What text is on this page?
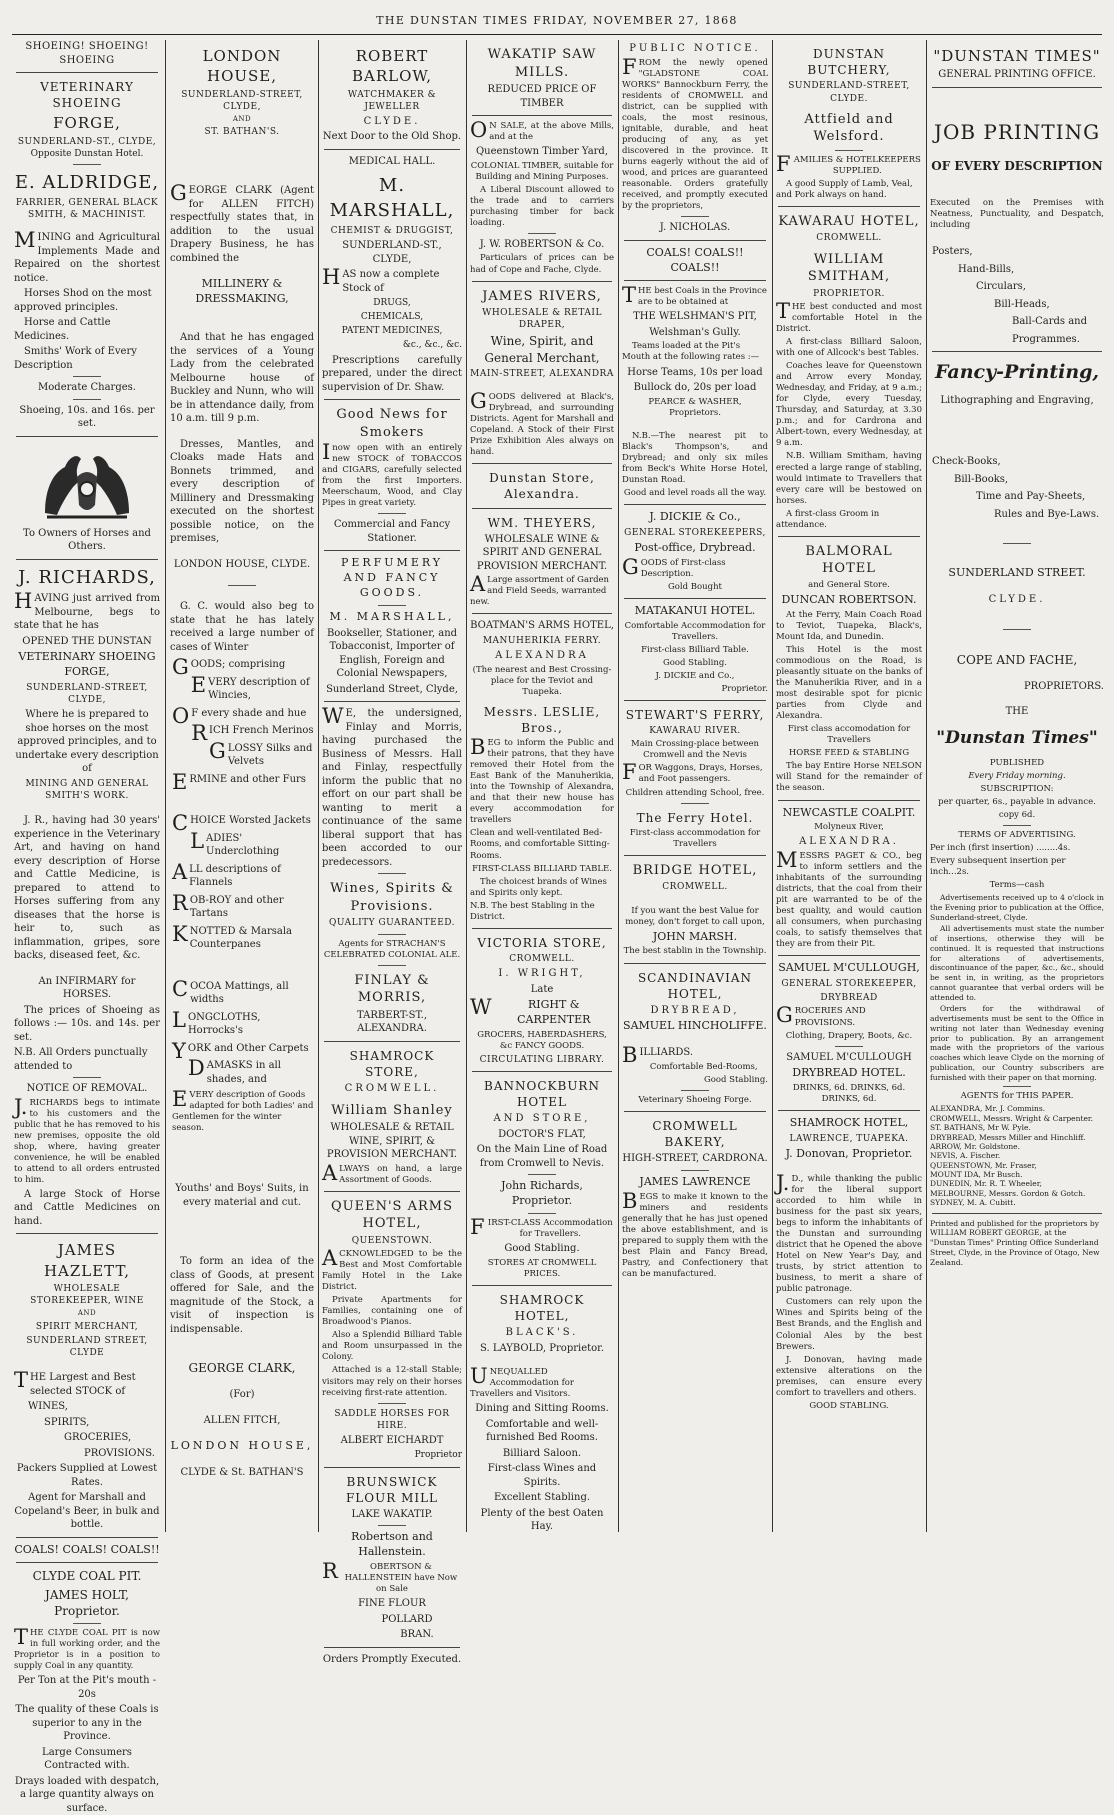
THE DUNSTAN TIMES FRIDAY, NOVEMBER 27, 1868
SHOEING! SHOEING! SHOEING
VETERINARY SHOEING
FORGE,
SUNDERLAND-ST., CLYDE,
Opposite Dunstan Hotel.
E. ALDRIDGE,
FARRIER, GENERAL BLACK SMITH, & MACHINIST.

MINING and Agricultural Implements Made and Repaired on the shortest notice.

Horses Shod on the most approved principles.

Horse and Cattle Medicines.

Smiths' Work of Every Description

Moderate Charges.

Shoeing, 10s. and 16s. per set.

To Owners of Horses and Others.

J. RICHARDS,

HAVING just arrived from Melbourne, begs to state that he has

OPENED THE DUNSTAN

VETERINARY SHOEING FORGE,

SUNDERLAND-STREET, CLYDE,

Where he is prepared to shoe horses on the most approved principles, and to undertake every description of

MINING AND GENERAL SMITH'S WORK.

J. R., having had 30 years' experience in the Veterinary Art, and having on hand every description of Horse and Cattle Medicine, is prepared to attend to Horses suffering from any diseases that the horse is heir to, such as inflammation, gripes, sore backs, diseased feet, &c.

An INFIRMARY for HORSES.

The prices of Shoeing as follows :— 10s. and 14s. per set.

N.B. All Orders punctually attended to

NOTICE OF REMOVAL.

J.RICHARDS begs to intimate to his customers and the public that he has removed to his new premises, opposite the old shop, where, having greater convenience, he will be enabled to attend to all orders entrusted to him.

A large Stock of Horse and Cattle Medicines on hand.

JAMES HAZLETT,

WHOLESALE STOREKEEPER, WINE

AND

SPIRIT MERCHANT,

SUNDERLAND STREET, CLYDE

THE Largest and Best selected STOCK of

WINES,

SPIRITS,

GROCERIES,

PROVISIONS.

Packers Supplied at Lowest Rates.

Agent for Marshall and Copeland's Beer, in bulk and bottle.

COALS! COALS! COALS!!

CLYDE COAL PIT.

JAMES HOLT, Proprietor.

THE CLYDE COAL PIT is now in full working order, and the Proprietor is in a position to supply Coal in any quantity.

Per Ton at the Pit's mouth - 20s

The quality of these Coals is superior to any in the Province.

Large Consumers Contracted with.

Drays loaded with despatch, a large quantity always on surface.

LONDON HOUSE,

SUNDERLAND-STREET, CLYDE,

AND

ST. BATHAN'S.

GEORGE CLARK (Agent for ALLEN FITCH) respectfully states that, in addition to the usual Drapery Business, he has combined the

MILLINERY & DRESSMAKING,

And that he has engaged the services of a Young Lady from the celebrated Melbourne house of Buckley and Nunn, who will be in attendance daily, from 10 a.m. till 9 p.m.

Dresses, Mantles, and Cloaks made Hats and Bonnets trimmed, and every description of Millinery and Dressmaking executed on the shortest possible notice, on the premises,

LONDON HOUSE, CLYDE.

G. C. would also beg to state that he has lately received a large number of cases of Winter

GOODS; comprising
EVERY description of Wincies,
OF every shade and hue
RICH French Merinos
GLOSSY Silks and Velvets
ERMINE and other Furs
CHOICE Worsted Jackets
LADIES' Underclothing
ALL descriptions of Flannels
ROB-ROY and other Tartans
KNOTTED & Marsala Counterpanes
COCOA Mattings, all widths
LONGCLOTHS, Horrocks's
YORK and Other Carpets
DAMASKS in all shades, and
EVERY description of Goods adapted for both Ladies' and Gentlemen for the winter season.

Youths' and Boys' Suits, in every material and cut.

To form an idea of the class of Goods, at present offered for Sale, and the magnitude of the Stock, a visit of inspection is indispensable.

GEORGE CLARK,

(For)

ALLEN FITCH,

LONDON HOUSE,

CLYDE & St. BATHAN'S

ROBERT BARLOW,
WATCHMAKER & JEWELLER

CLYDE.

Next Door to the Old Shop.

MEDICAL HALL.

M. MARSHALL,

CHEMIST & DRUGGIST,

SUNDERLAND-ST., CLYDE,

HAS now a complete Stock of

DRUGS,

CHEMICALS,

PATENT MEDICINES,

&c., &c., &c.

Prescriptions carefully prepared, under the direct supervision of Dr. Shaw.

Good News for Smokers

Inow open with an entirely new STOCK of TOBACCOS and CIGARS, carefully selected from the first Importers. Meerschaum, Wood, and Clay Pipes in great variety.

Commercial and Fancy Stationer.

PERFUMERY AND FANCY GOODS.

M. MARSHALL,

Bookseller, Stationer, and Tobacconist, Importer of English, Foreign and Colonial Newspapers,

Sunderland Street, Clyde,

WE, the undersigned, Finlay and Morris, having purchased the Business of Messrs. Hall and Finlay, respectfully inform the public that no effort on our part shall be wanting to merit a continuance of the same liberal support that has been accorded to our predecessors.

Wines, Spirits & Provisions.

QUALITY GUARANTEED.

Agents for STRACHAN'S CELEBRATED COLONIAL ALE.

FINLAY & MORRIS,

TARBERT-ST., ALEXANDRA.

SHAMROCK STORE,

CROMWELL.

William Shanley

WHOLESALE & RETAIL WINE, SPIRIT, & PROVISION MERCHANT.

ALWAYS on hand, a large Assortment of Goods.

QUEEN'S ARMS HOTEL,

QUEENSTOWN.

ACKNOWLEDGED to be the Best and Most Comfortable Family Hotel in the Lake District.

Private Apartments for Families, containing one of Broadwood's Pianos.

Also a Splendid Billiard Table and Room unsurpassed in the Colony.

Attached is a 12-stall Stable; visitors may rely on their horses receiving first-rate attention.

SADDLE HORSES FOR HIRE.

ALBERT EICHARDT

Proprietor

BRUNSWICK FLOUR MILL

LAKE WAKATIP.

Robertson and Hallenstein.

ROBERTSON & HALLENSTEIN have Now on Sale

FINE FLOUR

POLLARD

BRAN.

Orders Promptly Executed.

WAKATIP SAW MILLS.

REDUCED PRICE OF TIMBER

ON SALE, at the above Mills, and at the

Queenstown Timber Yard,

COLONIAL TIMBER, suitable for Building and Mining Purposes.

A Liberal Discount allowed to the trade and to carriers purchasing timber for back loading.

J. W. ROBERTSON & Co.

Particulars of prices can be had of Cope and Fache, Clyde.

JAMES RIVERS,

WHOLESALE & RETAIL DRAPER,

Wine, Spirit, and General Merchant,

MAIN-STREET, ALEXANDRA

GOODS delivered at Black's, Drybread, and surrounding Districts. Agent for Marshall and Copeland. A Stock of their First Prize Exhibition Ales always on hand.

Dunstan Store, Alexandra.
WM. THEYERS,

WHOLESALE WINE & SPIRIT AND GENERAL PROVISION MERCHANT.

ALarge assortment of Garden and Field Seeds, warranted new.

BOATMAN'S ARMS HOTEL,

MANUHERIKIA FERRY.

ALEXANDRA

(The nearest and Best Crossing-place for the Teviot and Tuapeka.

Messrs. LESLIE, Bros.,

BEG to inform the Public and their patrons, that they have removed their Hotel from the East Bank of the Manuherikia, into the Township of Alexandra, and that their new house has every accommodation for travellers

Clean and well-ventilated Bed-Rooms, and comfortable Sitting-Rooms.

FIRST-CLASS BILLIARD TABLE.

The choicest brands of Wines and Spirits only kept.

N.B. The best Stabling in the District.

VICTORIA STORE,

CROMWELL.

I. WRIGHT,

Late

WRIGHT & CARPENTER

GROCERS, HABERDASHERS, &c FANCY GOODS.

CIRCULATING LIBRARY.

BANNOCKBURN HOTEL

AND STORE,

DOCTOR'S FLAT,

On the Main Line of Road from Cromwell to Nevis.

John Richards, Proprietor.

FIRST-CLASS Accommodation for Travellers.

Good Stabling.

STORES AT CROMWELL PRICES.

SHAMROCK HOTEL,

BLACK'S.

S. LAYBOLD, Proprietor.

UNEQUALLED Accommodation for Travellers and Visitors.

Dining and Sitting Rooms.

Comfortable and well-furnished Bed Rooms.

Billiard Saloon.

First-class Wines and Spirits.

Excellent Stabling.

Plenty of the best Oaten Hay.

PUBLIC NOTICE.

FROM the newly opened "GLADSTONE COAL WORKS" Bannockburn Ferry, the residents of CROMWELL and district, can be supplied with coals, the most resinous, ignitable, durable, and heat producing of any, as yet discovered in the province. It burns eagerly without the aid of wood, and prices are guaranteed reasonable. Orders gratefully received, and promptly executed by the proprietors,

J. NICHOLAS.

COALS! COALS!! COALS!!

THE best Coals in the Province are to be obtained at

THE WELSHMAN'S PIT,

Welshman's Gully.

Teams loaded at the Pit's Mouth at the following rates :—

Horse Teams, 10s per load

Bullock do, 20s per load

PEARCE & WASHER, Proprietors.

N.B.—The nearest pit to Black's Thompson's, and Drybread; and only six miles from Beck's White Horse Hotel, Dunstan Road.

Good and level roads all the way.

J. DICKIE & Co.,

GENERAL STOREKEEPERS,

Post-office, Drybread.

GOODS of First-class Description.

Gold Bought

MATAKANUI HOTEL.

Comfortable Accommodation for Travellers.

First-class Billiard Table.

Good Stabling.

J. DICKIE and Co.,

Proprietor.

STEWART'S FERRY,

KAWARAU RIVER.

Main Crossing-place between Cromwell and the Nevis

FOR Waggons, Drays, Horses, and Foot passengers.

Children attending School, free.

The Ferry Hotel.

First-class accommodation for Travellers

BRIDGE HOTEL,

CROMWELL.

If you want the best Value for money, don't forget to call upon,

JOHN MARSH.

The best stablin in the Township.

SCANDINAVIAN HOTEL,

DRYBREAD,

SAMUEL HINCHOLIFFE.

BILLIARDS.

Comfortable Bed-Rooms,

Good Stabling.

Veterinary Shoeing Forge.

CROMWELL BAKERY,

HIGH-STREET, CARDRONA.

JAMES LAWRENCE

BEGS to make it known to the miners and residents generally that he has just opened the above establishment, and is prepared to supply them with the best Plain and Fancy Bread, Pastry, and Confectionery that can be manufactured.

DUNSTAN BUTCHERY,

SUNDERLAND-STREET, CLYDE.

Attfield and Welsford.

FAMILIES & HOTELKEEPERS SUPPLIED.

A good Supply of Lamb, Veal, and Pork always on hand.

KAWARAU HOTEL,

CROMWELL.

WILLIAM SMITHAM,

PROPRIETOR.

THE best conducted and most comfortable Hotel in the District.

A first-class Billiard Saloon, with one of Allcock's best Tables.

Coaches leave for Queenstown and Arrow every Monday, Wednesday, and Friday, at 9 a.m.; for Clyde, every Tuesday, Thursday, and Saturday, at 3.30 p.m.; and for Cardrona and Albert-town, every Wednesday, at 9 a.m.

N.B. William Smitham, having erected a large range of stabling, would intimate to Travellers that every care will be bestowed on horses.

A first-class Groom in attendance.

BALMORAL HOTEL

and General Store.

DUNCAN ROBERTSON.

At the Ferry, Main Coach Road to Teviot, Tuapeka, Black's, Mount Ida, and Dunedin.

This Hotel is the most commodious on the Road, is pleasantly situate on the banks of the Manuherikia River, and in a most desirable spot for picnic parties from Clyde and Alexandra.

First class accomodation for Travellers

HORSE FEED & STABLING

The bay Entire Horse NELSON will Stand for the remainder of the season.

NEWCASTLE COALPIT.

Molyneux River,

ALEXANDRA.

MESSRS PAGET & CO., beg to inform settlers and the inhabitants of the surrounding districts, that the coal from their pit are warranted to be of the best quality, and would caution all consumers, when purchasing coals, to satisfy themselves that they are from their Pit.

SAMUEL M'CULLOUGH,

GENERAL STOREKEEPER,

DRYBREAD

GROCERIES AND PROVISIONS.

Clothing, Drapery, Boots, &c.

SAMUEL M'CULLOUGH

DRYBREAD HOTEL.

DRINKS, 6d. DRINKS, 6d. DRINKS, 6d.

SHAMROCK HOTEL,

LAWRENCE, TUAPEKA.

J. Donovan, Proprietor.

J.D., while thanking the public for the liberal support accorded to him while in business for the past six years, begs to inform the inhabitants of the Dunstan and surrounding district that he Opened the above Hotel on New Year's Day, and trusts, by strict attention to business, to merit a share of public patronage.

Customers can rely upon the Wines and Spirits being of the Best Brands, and the English and Colonial Ales by the best Brewers.

J. Donovan, having made extensive alterations on the premises, can ensure every comfort to travellers and others.

GOOD STABLING.

"DUNSTAN TIMES"

GENERAL PRINTING OFFICE.

JOB PRINTING

OF EVERY DESCRIPTION

Executed on the Premises with Neatness, Punctuality, and Despatch, including

Posters,
Hand-Bills,
Circulars,
Bill-Heads,
Ball-Cards and
Programmes.
Fancy-Printing,

Lithographing and Engraving,

Check-Books,
Bill-Books,
Time and Pay-Sheets,
Rules and Bye-Laws.

SUNDERLAND STREET.

CLYDE.

COPE AND FACHE,

PROPRIETORS.

THE

"Dunstan Times"

PUBLISHED

Every Friday morning.

SUBSCRIPTION:

per quarter, 6s., payable in advance.

copy 6d.

TERMS OF ADVERTISING.

Per inch (first insertion) ........4s.

Every subsequent insertion per inch...2s.

Terms—cash

Advertisements received up to 4 o'clock in the Evening prior to publication at the Office, Sunderland-street, Clyde.

All advertisements must state the number of insertions, otherwise they will be continued. It is requested that instructions for alterations of advertisements, discontinuance of the paper, &c., &c., should be sent in, in writing, as the proprietors cannot guarantee that verbal orders will be attended to.

Orders for the withdrawal of advertisements must be sent to the Office in writing not later than Wednesday evening prior to publication. By an arrangement made with the proprietors of the various coaches which leave Clyde on the morning of publication, our Country subscribers are furnished with their paper on that morning.

AGENTS for THIS PAPER.

ALEXANDRA, Mr. J. Commins.
CROMWELL, Messrs. Wright & Carpenter.
ST. BATHANS, Mr W. Pyle.
DRYBREAD, Messrs Miller and Hinchliff.
ARROW, Mr. Goldstone.
NEVIS, A. Fischer.
QUEENSTOWN, Mr. Fraser,
MOUNT IDA, Mr Busch.
DUNEDIN, Mr. R. T. Wheeler,
MELBOURNE, Messrs. Gordon & Gotch.
SYDNEY, M. A. Cubitt.

Printed and published for the proprietors by WILLIAM ROBERT GEORGE, at the "Dunstan Times" Printing Office Sunderland Street, Clyde, in the Province of Otago, New Zealand.
